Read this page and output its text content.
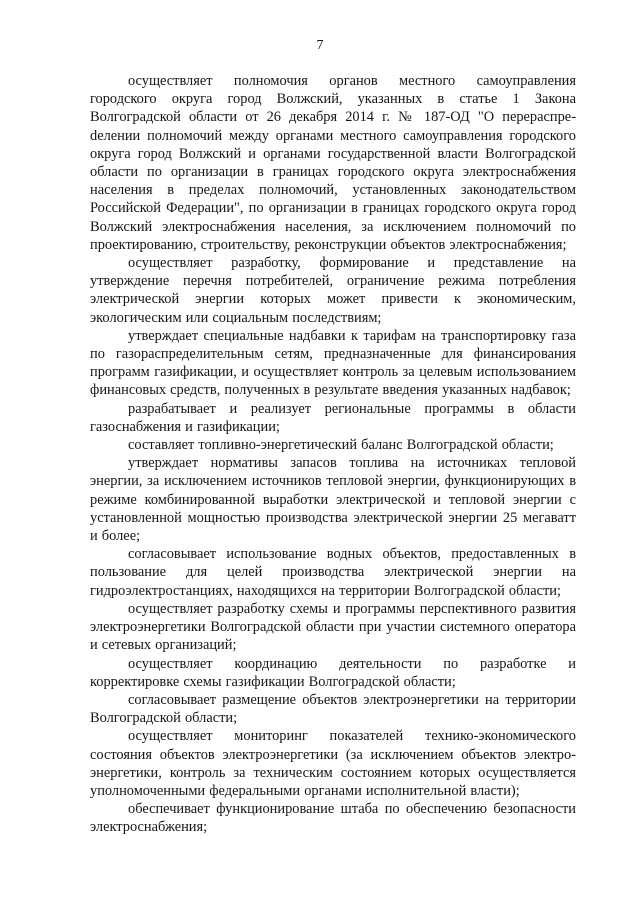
7

осуществляет полномочия органов местного самоуправления городского округа город Волжский, указанных в статье 1 Закона Волгоградской области от 26 декабря 2014 г. № 187-ОД "О перераспреdелении полномочий между органами местного самоуправления городского округа город Волжский и органами государственной власти Волгоградской области по организации в границах городского округа электроснабжения населения в пределах полномочий, установленных законодательством Российской Федерации", по организации в границах городского округа город Волжский электроснабжения населения, за исключением полномочий по проектированию, строительству, реконструкции объектов электроснабжения;

осуществляет разработку, формирование и представление на утверждение перечня потребителей, ограничение режима потребления электрической энергии которых может привести к экономическим, экологическим или социальным последствиям;

утверждает специальные надбавки к тарифам на транспортировку газа по газораспределительным сетям, предназначенные для финансирования программ газификации, и осуществляет контроль за целевым использованием финансовых средств, полученных в результате введения указанных надбавок;

разрабатывает и реализует региональные программы в области газоснабжения и газификации;

составляет топливно-энергетический баланс Волгоградской области;

утверждает нормативы запасов топлива на источниках тепловой энергии, за исключением источников тепловой энергии, функционирующих в режиме комбинированной выработки электрической и тепловой энергии с установленной мощностью производства электрической энергии 25 мегаватт и более;

согласовывает использование водных объектов, предоставленных в пользование для целей производства электрической энергии на гидроэлектростанциях, находящихся на территории Волгоградской области;

осуществляет разработку схемы и программы перспективного развития электроэнергетики Волгоградской области при участии системного оператора и сетевых организаций;

осуществляет координацию деятельности по разработке и корректировке схемы газификации Волгоградской области;

согласовывает размещение объектов электроэнергетики на территории Волгоградской области;

осуществляет мониторинг показателей технико-экономического состояния объектов электроэнергетики (за исключением объектов электроэнергетики, контроль за техническим состоянием которых осуществляется уполномоченными федеральными органами исполнительной власти);

обеспечивает функционирование штаба по обеспечению безопасности электроснабжения;
